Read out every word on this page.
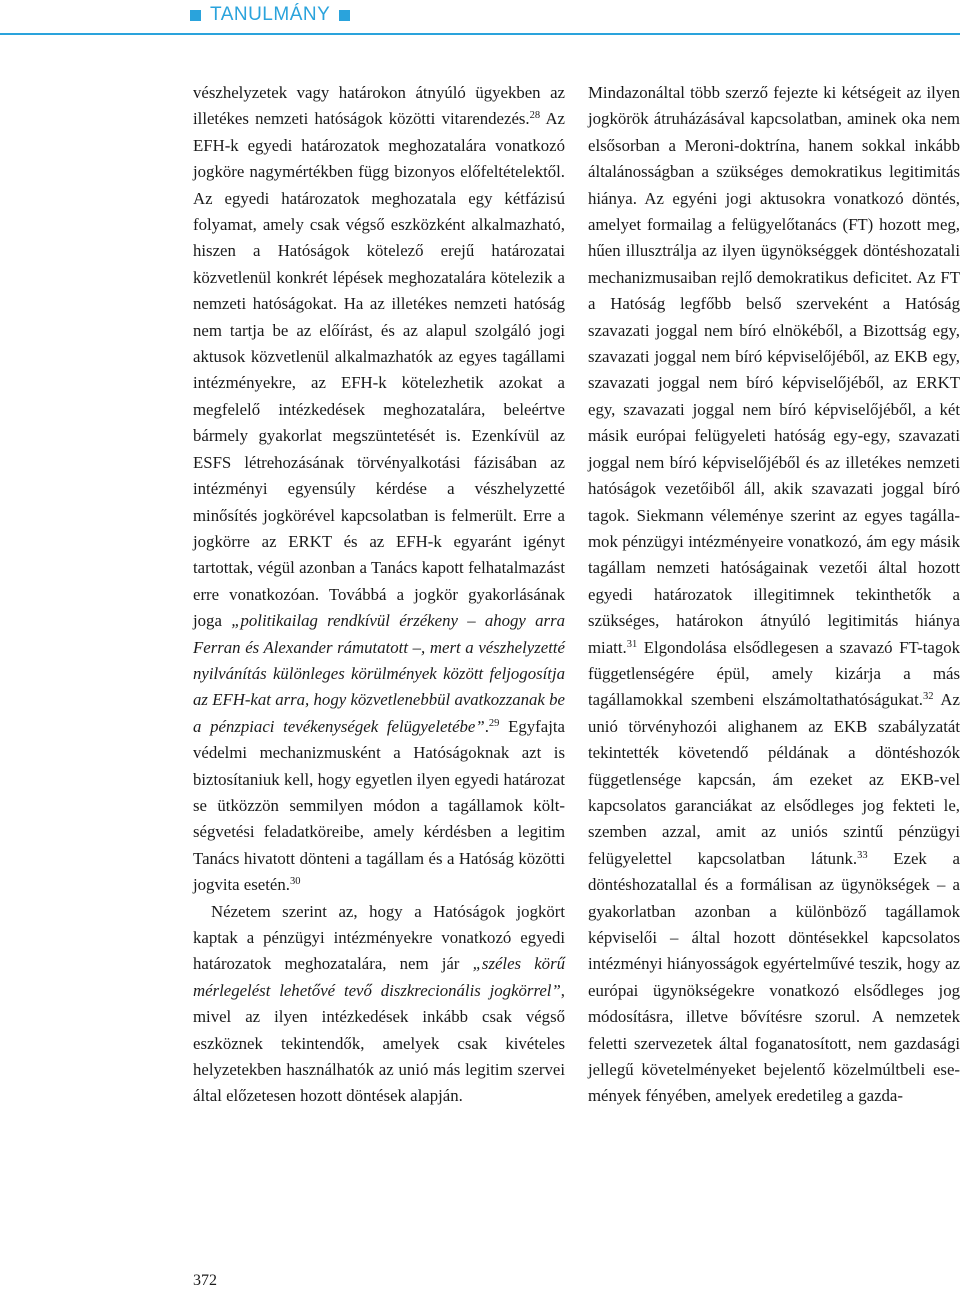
TANULMÁNY

vészhelyzetek vagy határokon átnyúló ügyekben az illetékes nemzeti hatóságok közötti vitarendezés.$^{28}$ Az EFH-k egyedi határozatok meghozatalára vonatkozó jogköre nagymértékben függ bizonyos előfeltételektől. Az egyedi határozatok meghozatala egy kétfázisú folyamat, amely csak végső eszközként alkalmazható, hiszen a Hatóságok kötelező erejű határozatai közvetlenül konkrét lépések meghozatalára kötelezik a nemzeti hatóságokat. Ha az illetékes nemzeti hatóság nem tartja be az előírást, és az alapul szolgáló jogi aktusok közvetlenül alkalmazhatók az egyes tagállami intézményekre, az EFH-k kötelezhetik azokat a megfelelő intézkedések meghozatalára, beleértve bármely gyakorlat megszüntetését is. Ezenkívül az ESFS létrehozásának törvényalkotási fázisában az intézményi egyensúly kérdése a vészhelyzetté minősítés jogkörével kapcsolatban is felmerült. Erre a jogkörre az ERKT és az EFH-k egyaránt igényt tartottak, végül azonban a Tanács kapott felhatalmazást erre vonatkozóan. Továbbá a jogkör gyakorlásának joga „politikailag rendkívül érzékeny – ahogy arra Ferran és Alexander rámutatott –, mert a vészhelyzetté nyilvánítás különleges körülmények között feljogosítja az EFH-kat arra, hogy közvetlenebbül avatkozzanak be a pénzpiaci tevékenységek felügyeletébe”.$^{29}$ Egyfajta védelmi mechanizmusként a Hatóságoknak azt is biztosítaniuk kell, hogy egyetlen ilyen egyedi határozat se ütközzön semmilyen módon a tagállamok költségvetési feladatköreibe, amely kérdésben a legitim Tanács hivatott dönteni a tagállam és a Hatóság közötti jogvita esetén.$^{30}$

Nézetem szerint az, hogy a Hatóságok jogkört kaptak a pénzügyi intézményekre vonatkozó egyedi határozatok meghozatalára, nem jár „széles körű mérlegelést lehetővé tevő diszkrecionális jogkörrel”, mivel az ilyen intézkedések inkább csak végső eszköznek tekintendők, amelyek csak kivételes helyzetekben használhatók az unió más legitim szervei által előzetesen hozott döntések alapján.

Mindazonáltal több szerző fejezte ki kétségeit az ilyen jogkörök átruházásával kapcsolatban, aminek oka nem elsősorban a Meroni-doktrína, hanem sokkal inkább általánosságban a szükséges demokratikus legitimitás hiánya. Az egyéni jogi aktusokra vonatkozó döntés, amelyet formailag a felügyelőtanács (FT) hozott meg, hűen illusztrálja az ilyen ügynökséggek döntéshozatali mechanizmusaiban rejlő demokratikus deficitet. Az FT a Hatóság legfőbb belső szerveként a Hatóság szavazati joggal nem bíró elnökéből, a Bizottság egy, szavazati joggal nem bíró képviselőjéből, az EKB egy, szavazati joggal nem bíró képviselőjéből, az ERKT egy, szavazati joggal nem bíró képviselőjéből, a két másik európai felügyeleti hatóság egy-egy, szavazati joggal nem bíró képviselőjéből és az illetékes nemzeti hatóságok vezetőiből áll, akik szavazati joggal bíró tagok. Siekmann véleménye szerint az egyes tagállamok pénzügyi intézményeire vonatkozó, ám egy másik tagállam nemzeti hatóságainak vezetői által hozott egyedi határozatok illegitimnek tekinthetők a szükséges, határokon átnyúló legitimitás hiánya miatt.$^{31}$ Elgondolása elsődlegesen a szavazó FT-tagok függetlenségére épül, amely kizárja a más tagállamokkal szembeni elszámoltathatóságukat.$^{32}$ Az unió törvényhozói alighanem az EKB szabályzatát tekintették követendő példának a döntéshozók függetlensége kapcsán, ám ezeket az EKB-vel kapcsolatos garanciákat az elsődleges jog fekteti le, szemben azzal, amit az uniós szintű pénzügyi felügyelettel kapcsolatban látunk.$^{33}$ Ezek a döntéshozatallal és a formálisan az ügynökségek – a gyakorlatban azonban a különböző tagállamok képviselői – által hozott döntésekkel kapcsolatos intézményi hiányosságok egyértelművé teszik, hogy az európai ügynökségekre vonatkozó elsődleges jog módosításra, illetve bővítésre szorul. A nemzetek feletti szervezetek által foganatosított, nem gazdasági jellegű követelményeket bejelentő közelmúltbeli események fényében, amelyek eredetileg a gazda-

372
